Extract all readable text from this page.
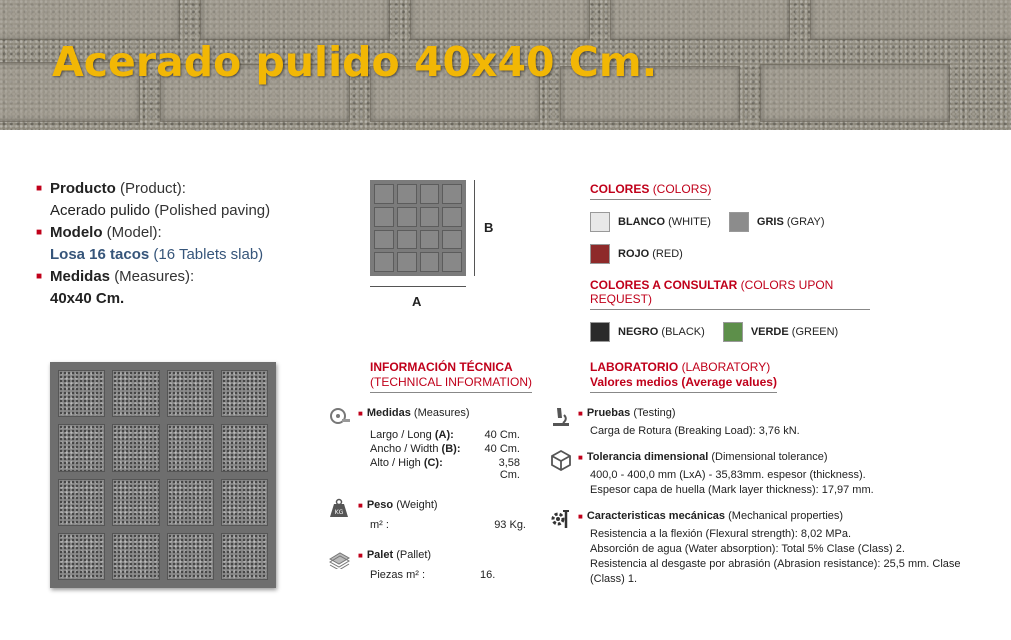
Acerado pulido 40x40 Cm.
■ Producto (Product):
Acerado pulido (Polished paving)
■ Modelo (Model):
Losa 16 tacos (16 Tablets slab)
■ Medidas (Measures):
40x40 Cm.
B
A
COLORES (COLORS)
BLANCO (WHITE)	GRIS (GRAY)
ROJO (RED)
COLORES A CONSULTAR (COLORS UPON REQUEST)
NEGRO (BLACK)	VERDE (GREEN)
INFORMACIÓN TÉCNICA
(TECHNICAL INFORMATION)
■ Medidas (Measures)
Largo / Long (A):	40 Cm.
Ancho / Width (B):	40 Cm.
Alto / High (C):	3,58 Cm.
KG
■ Peso (Weight)
m² :	93 Kg.
■ Palet (Pallet)
Piezas m² :	16.
LABORATORIO (LABORATORY)
Valores medios (Average values)
■ Pruebas (Testing)
Carga de Rotura (Breaking Load): 3,76 kN.
■ Tolerancia dimensional (Dimensional tolerance)
400,0 - 400,0 mm (LxA) - 35,83mm. espesor (thickness).
Espesor capa de huella (Mark layer thickness): 17,97 mm.
■ Caracteristicas mecánicas (Mechanical properties)
Resistencia a la flexión (Flexural strength): 8,02 MPa.
Absorción de agua (Water absorption): Total 5% Clase (Class) 2.
Resistencia al desgaste por abrasión (Abrasion resistance): 25,5 mm. Clase (Class) 1.
